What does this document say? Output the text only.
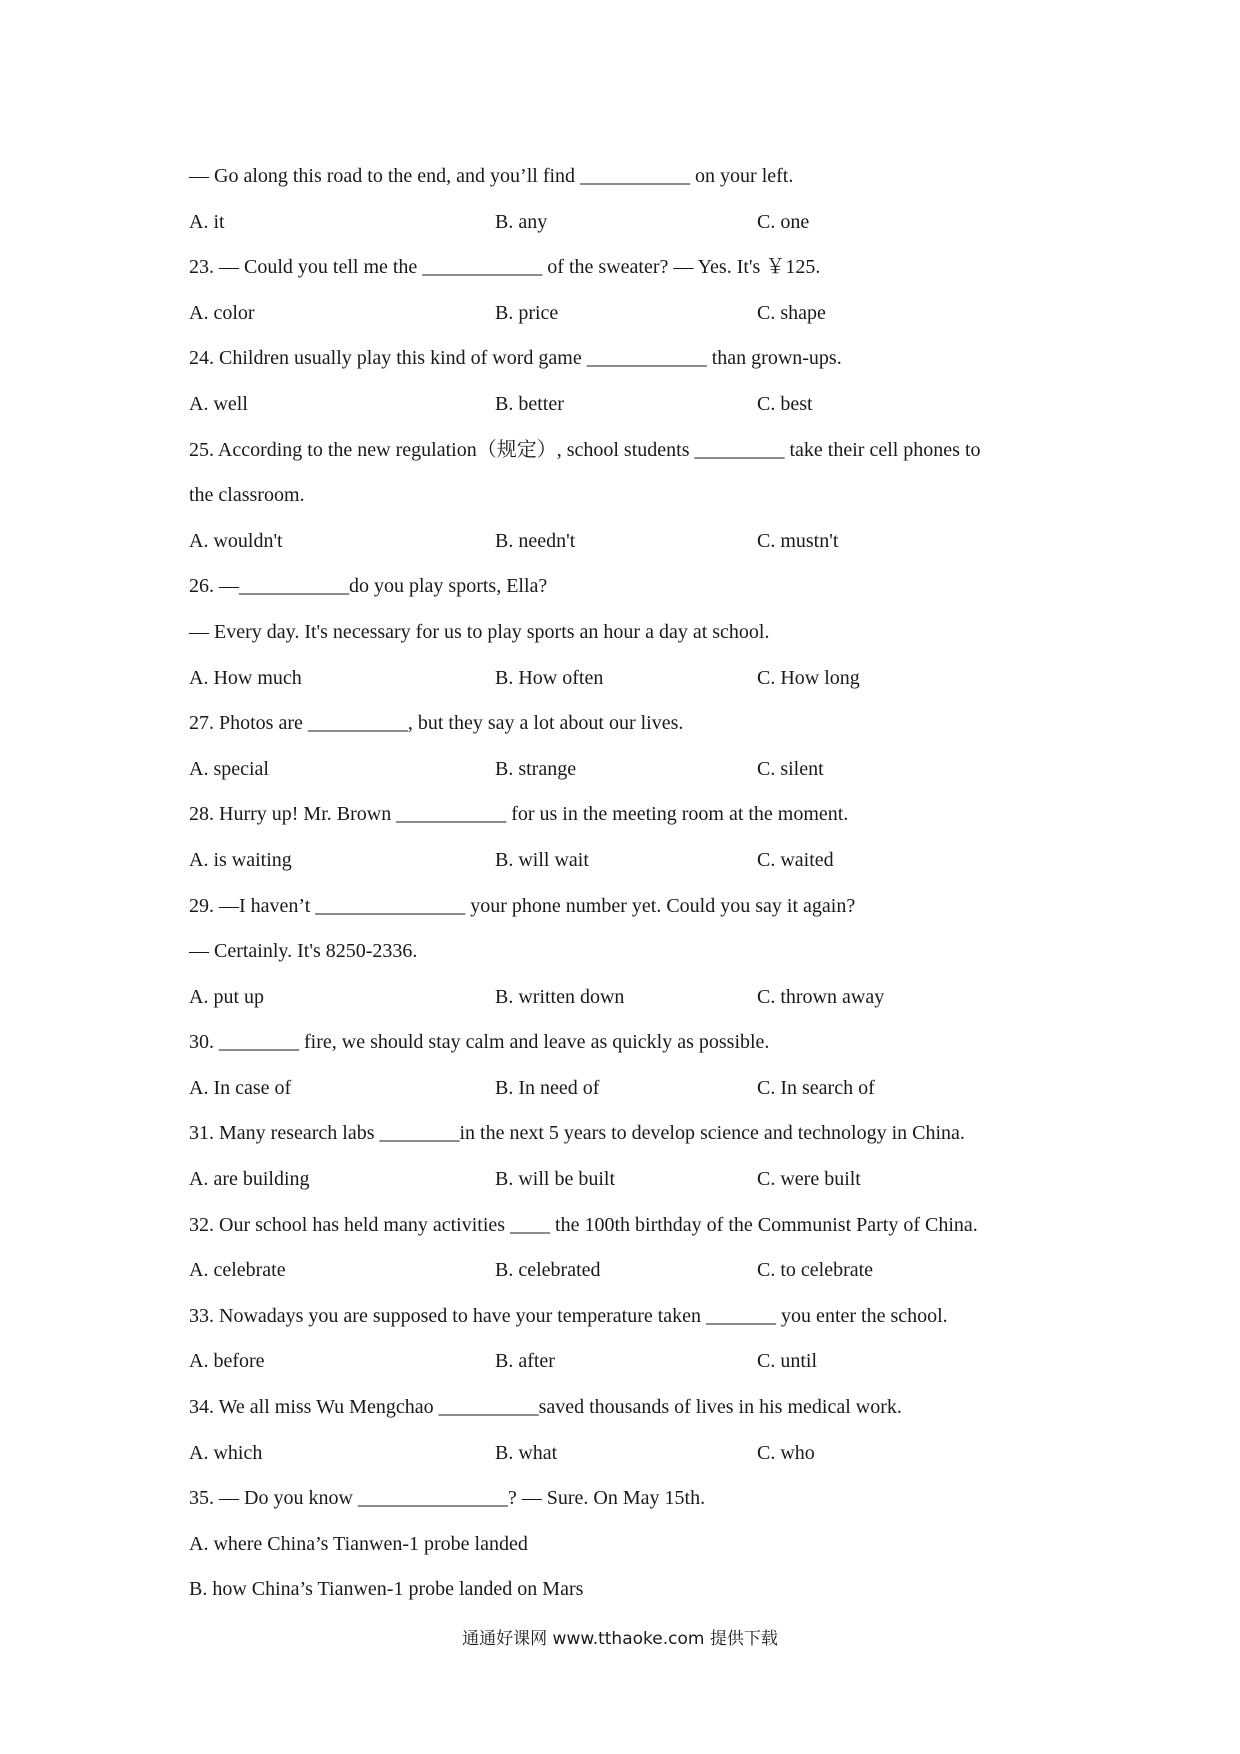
— Go along this road to the end, and you’ll find ___________ on your left.
A. it	B. any	C. one
23. — Could you tell me the ____________ of the sweater? — Yes. It's ￥125.
A. color	B. price	C. shape
24. Children usually play this kind of word game ____________ than grown-ups.
A. well	B. better	C. best
25. According to the new regulation（规定）, school students _________ take their cell phones to
the classroom.
A. wouldn't	B. needn't	C. mustn't
26. —___________do you play sports, Ella?
— Every day. It's necessary for us to play sports an hour a day at school.
A. How much	B. How often	C. How long
27. Photos are __________, but they say a lot about our lives.
A. special	B. strange	C. silent
28. Hurry up! Mr. Brown ___________ for us in the meeting room at the moment.
A. is waiting	B. will wait	C. waited
29. —I haven’t _______________ your phone number yet. Could you say it again?
— Certainly. It's 8250-2336.
A. put up	B. written down	C. thrown away
30. ________ fire, we should stay calm and leave as quickly as possible.
A. In case of	B. In need of	C. In search of
31. Many research labs ________in the next 5 years to develop science and technology in China.
A. are building	B. will be built	C. were built
32. Our school has held many activities ____ the 100th birthday of the Communist Party of China.
A. celebrate	B. celebrated	C. to celebrate
33. Nowadays you are supposed to have your temperature taken _______ you enter the school.
A. before	B. after	C. until
34. We all miss Wu Mengchao __________saved thousands of lives in his medical work.
A. which	B. what	C. who
35. — Do you know _______________? — Sure. On May 15th.
A. where China’s Tianwen-1 probe landed
B. how China’s Tianwen-1 probe landed on Mars
通通好课网 www.tthaoke.com 提供下载
